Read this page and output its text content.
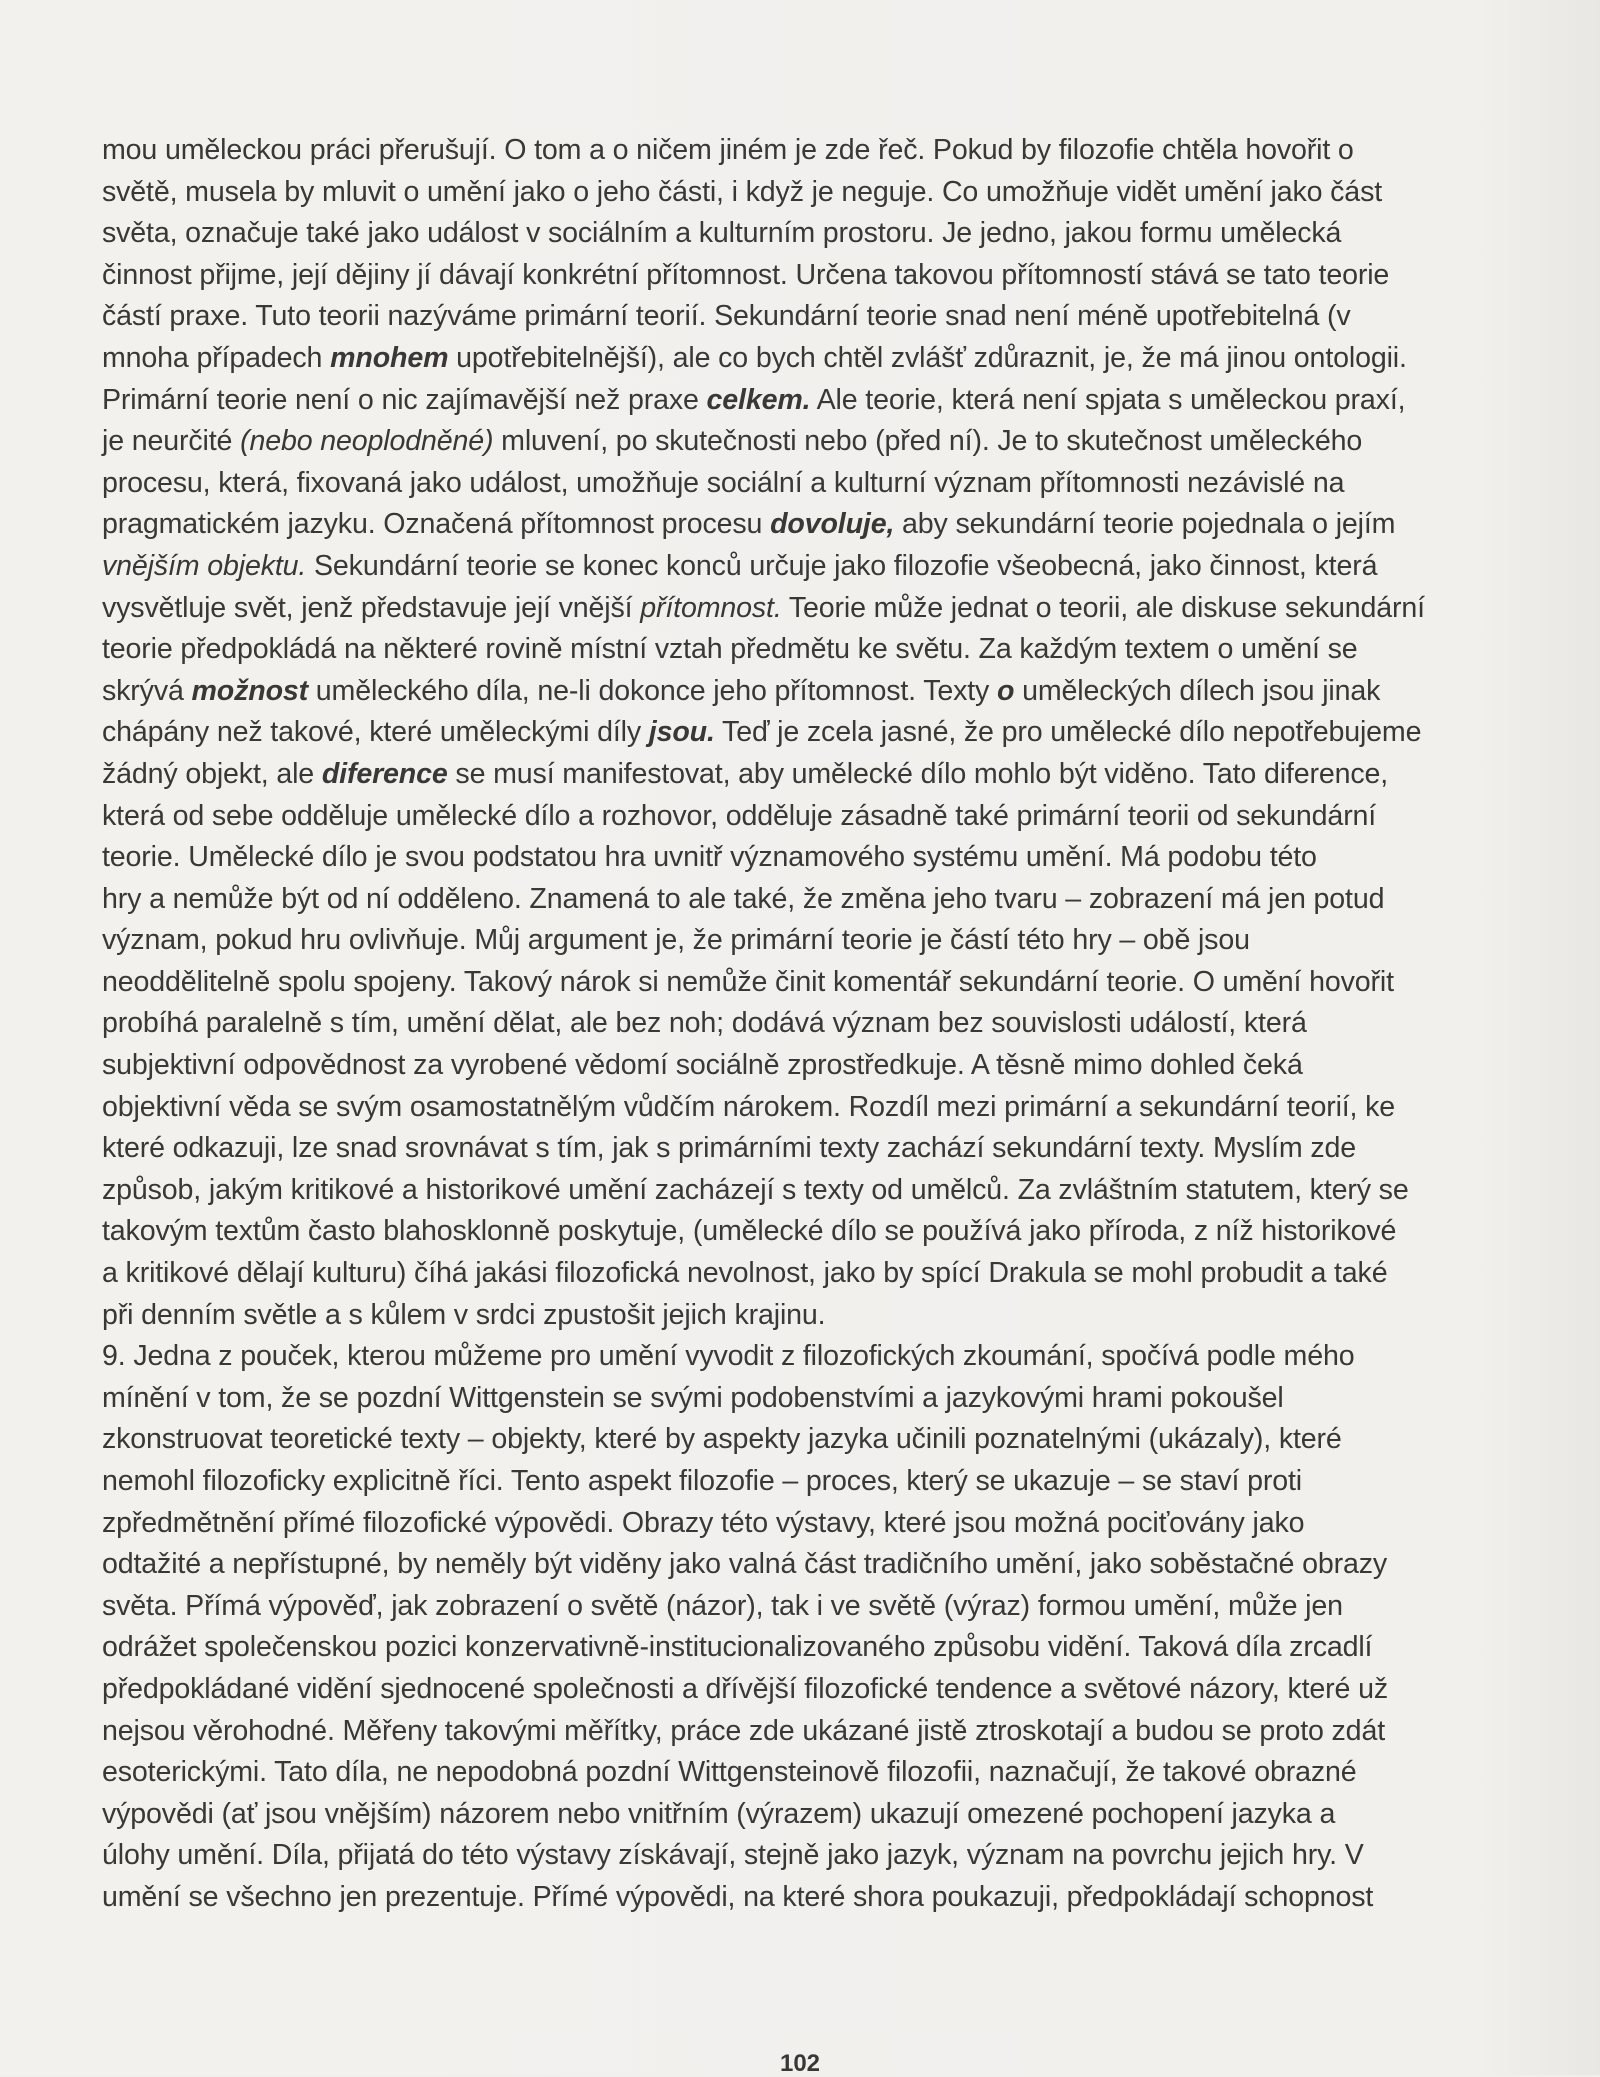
mou uměleckou práci přerušují. O tom a o ničem jiném je zde řeč. Pokud by filozofie chtěla hovořit o
světě, musela by mluvit o umění jako o jeho části, i když je neguje. Co umožňuje vidět umění jako část
světa, označuje také jako událost v sociálním a kulturním prostoru. Je jedno, jakou formu umělecká
činnost přijme, její dějiny jí dávají konkrétní přítomnost. Určena takovou přítomností stává se tato teorie
částí praxe. Tuto teorii nazýváme primární teorií. Sekundární teorie snad není méně upotřebitelná (v
mnoha případech mnohem upotřebitelnější), ale co bych chtěl zvlášť zdůraznit, je, že má jinou ontologii.
Primární teorie není o nic zajímavější než praxe celkem. Ale teorie, která není spjata s uměleckou praxí,
je neurčité (nebo neoplodněné) mluvení, po skutečnosti nebo (před ní). Je to skutečnost uměleckého
procesu, která, fixovaná jako událost, umožňuje sociální a kulturní význam přítomnosti nezávislé na
pragmatickém jazyku. Označená přítomnost procesu dovoluje, aby sekundární teorie pojednala o jejím
vnějším objektu. Sekundární teorie se konec konců určuje jako filozofie všeobecná, jako činnost, která
vysvětluje svět, jenž představuje její vnější přítomnost. Teorie může jednat o teorii, ale diskuse sekundární
teorie předpokládá na některé rovině místní vztah předmětu ke světu. Za každým textem o umění se
skrývá možnost uměleckého díla, ne-li dokonce jeho přítomnost. Texty o uměleckých dílech jsou jinak
chápány než takové, které uměleckými díly jsou. Teď je zcela jasné, že pro umělecké dílo nepotřebujeme
žádný objekt, ale diference se musí manifestovat, aby umělecké dílo mohlo být viděno. Tato diference,
která od sebe odděluje umělecké dílo a rozhovor, odděluje zásadně také primární teorii od sekundární
teorie. Umělecké dílo je svou podstatou hra uvnitř významového systému umění. Má podobu této
hry a nemůže být od ní odděleno. Znamená to ale také, že změna jeho tvaru – zobrazení má jen potud
význam, pokud hru ovlivňuje. Můj argument je, že primární teorie je částí této hry – obě jsou
neoddělitelně spolu spojeny. Takový nárok si nemůže činit komentář sekundární teorie. O umění hovořit
probíhá paralelně s tím, umění dělat, ale bez noh; dodává význam bez souvislosti událostí, která
subjektivní odpovědnost za vyrobené vědomí sociálně zprostředkuje. A těsně mimo dohled čeká
objektivní věda se svým osamostatnělým vůdčím nárokem. Rozdíl mezi primární a sekundární teorií, ke
které odkazuji, lze snad srovnávat s tím, jak s primárními texty zachází sekundární texty. Myslím zde
způsob, jakým kritikové a historikové umění zacházejí s texty od umělců. Za zvláštním statutem, který se
takovým textům často blahosklonně poskytuje, (umělecké dílo se používá jako příroda, z níž historikové
a kritikové dělají kulturu) číhá jakási filozofická nevolnost, jako by spící Drakula se mohl probudit a také
při denním světle a s kůlem v srdci zpustošit jejich krajinu.
9. Jedna z pouček, kterou můžeme pro umění vyvodit z filozofických zkoumání, spočívá podle mého
mínění v tom, že se pozdní Wittgenstein se svými podobenstvími a jazykovými hrami pokoušel
zkonstruovat teoretické texty – objekty, které by aspekty jazyka učinili poznatelnými (ukázaly), které
nemohl filozoficky explicitně říci. Tento aspekt filozofie – proces, který se ukazuje – se staví proti
zpředmětnění přímé filozofické výpovědi. Obrazy této výstavy, které jsou možná pociťovány jako
odtažité a nepřístupné, by neměly být viděny jako valná část tradičního umění, jako soběstačné obrazy
světa. Přímá výpověď, jak zobrazení o světě (názor), tak i ve světě (výraz) formou umění, může jen
odrážet společenskou pozici konzervativně-institucionalizovaného způsobu vidění. Taková díla zrcadlí
předpokládané vidění sjednocené společnosti a dřívější filozofické tendence a světové názory, které už
nejsou věrohodné. Měřeny takovými měřítky, práce zde ukázané jistě ztroskotají a budou se proto zdát
esoterickými. Tato díla, ne nepodobná pozdní Wittgensteinově filozofii, naznačují, že takové obrazné
výpovědi (ať jsou vnějším) názorem nebo vnitřním (výrazem) ukazují omezené pochopení jazyka a
úlohy umění. Díla, přijatá do této výstavy získávají, stejně jako jazyk, význam na povrchu jejich hry. V
umění se všechno jen prezentuje. Přímé výpovědi, na které shora poukazuji, předpokládají schopnost
102
